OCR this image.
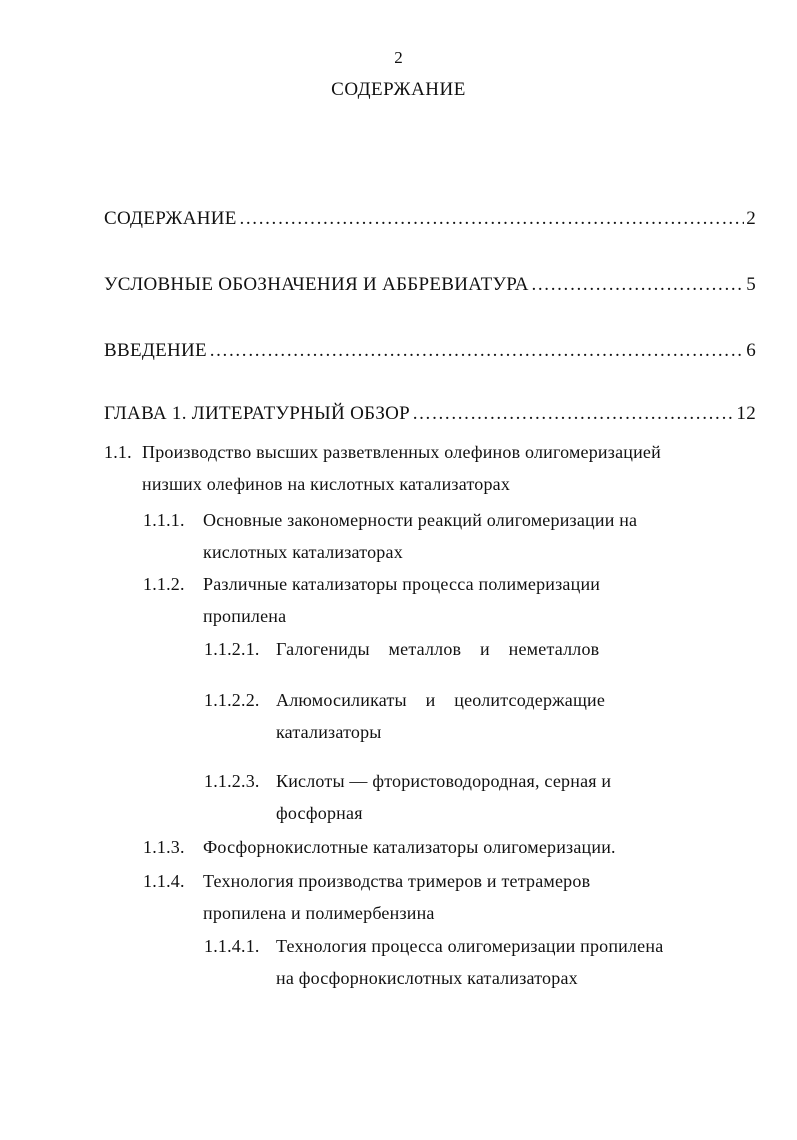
2
СОДЕРЖАНИЕ
СОДЕРЖАНИЕ …………………………………………………………………………………………………………………………………………	2
УСЛОВНЫЕ ОБОЗНАЧЕНИЯ И АББРЕВИАТУРА …………………………………………………………………………………………………………………………………………	5
ВВЕДЕНИЕ …………………………………………………………………………………………………………………………………………	6
ГЛАВА 1. ЛИТЕРАТУРНЫЙ ОБЗОР …………………………………………………………………………………………………………………………………………	12
1.1. Производство высших разветвленных олефинов олигомеризацией
низших олефинов на кислотных катализаторах
1.1.1. Основные закономерности реакций олигомеризации на
кислотных катализаторах
1.1.2. Различные катализаторы процесса полимеризации
пропилена
1.1.2.1. Галогениды    металлов    и    неметаллов
1.1.2.2. Алюмосиликаты    и    цеолитсодержащие
катализаторы
1.1.2.3. Кислоты — фтористоводородная, серная и
фосфорная
1.1.3. Фосфорнокислотные катализаторы олигомеризации.
1.1.4. Технология производства тримеров и тетрамеров
пропилена и полимербензина
1.1.4.1. Технология процесса олигомеризации пропилена
на фосфорнокислотных катализаторах
